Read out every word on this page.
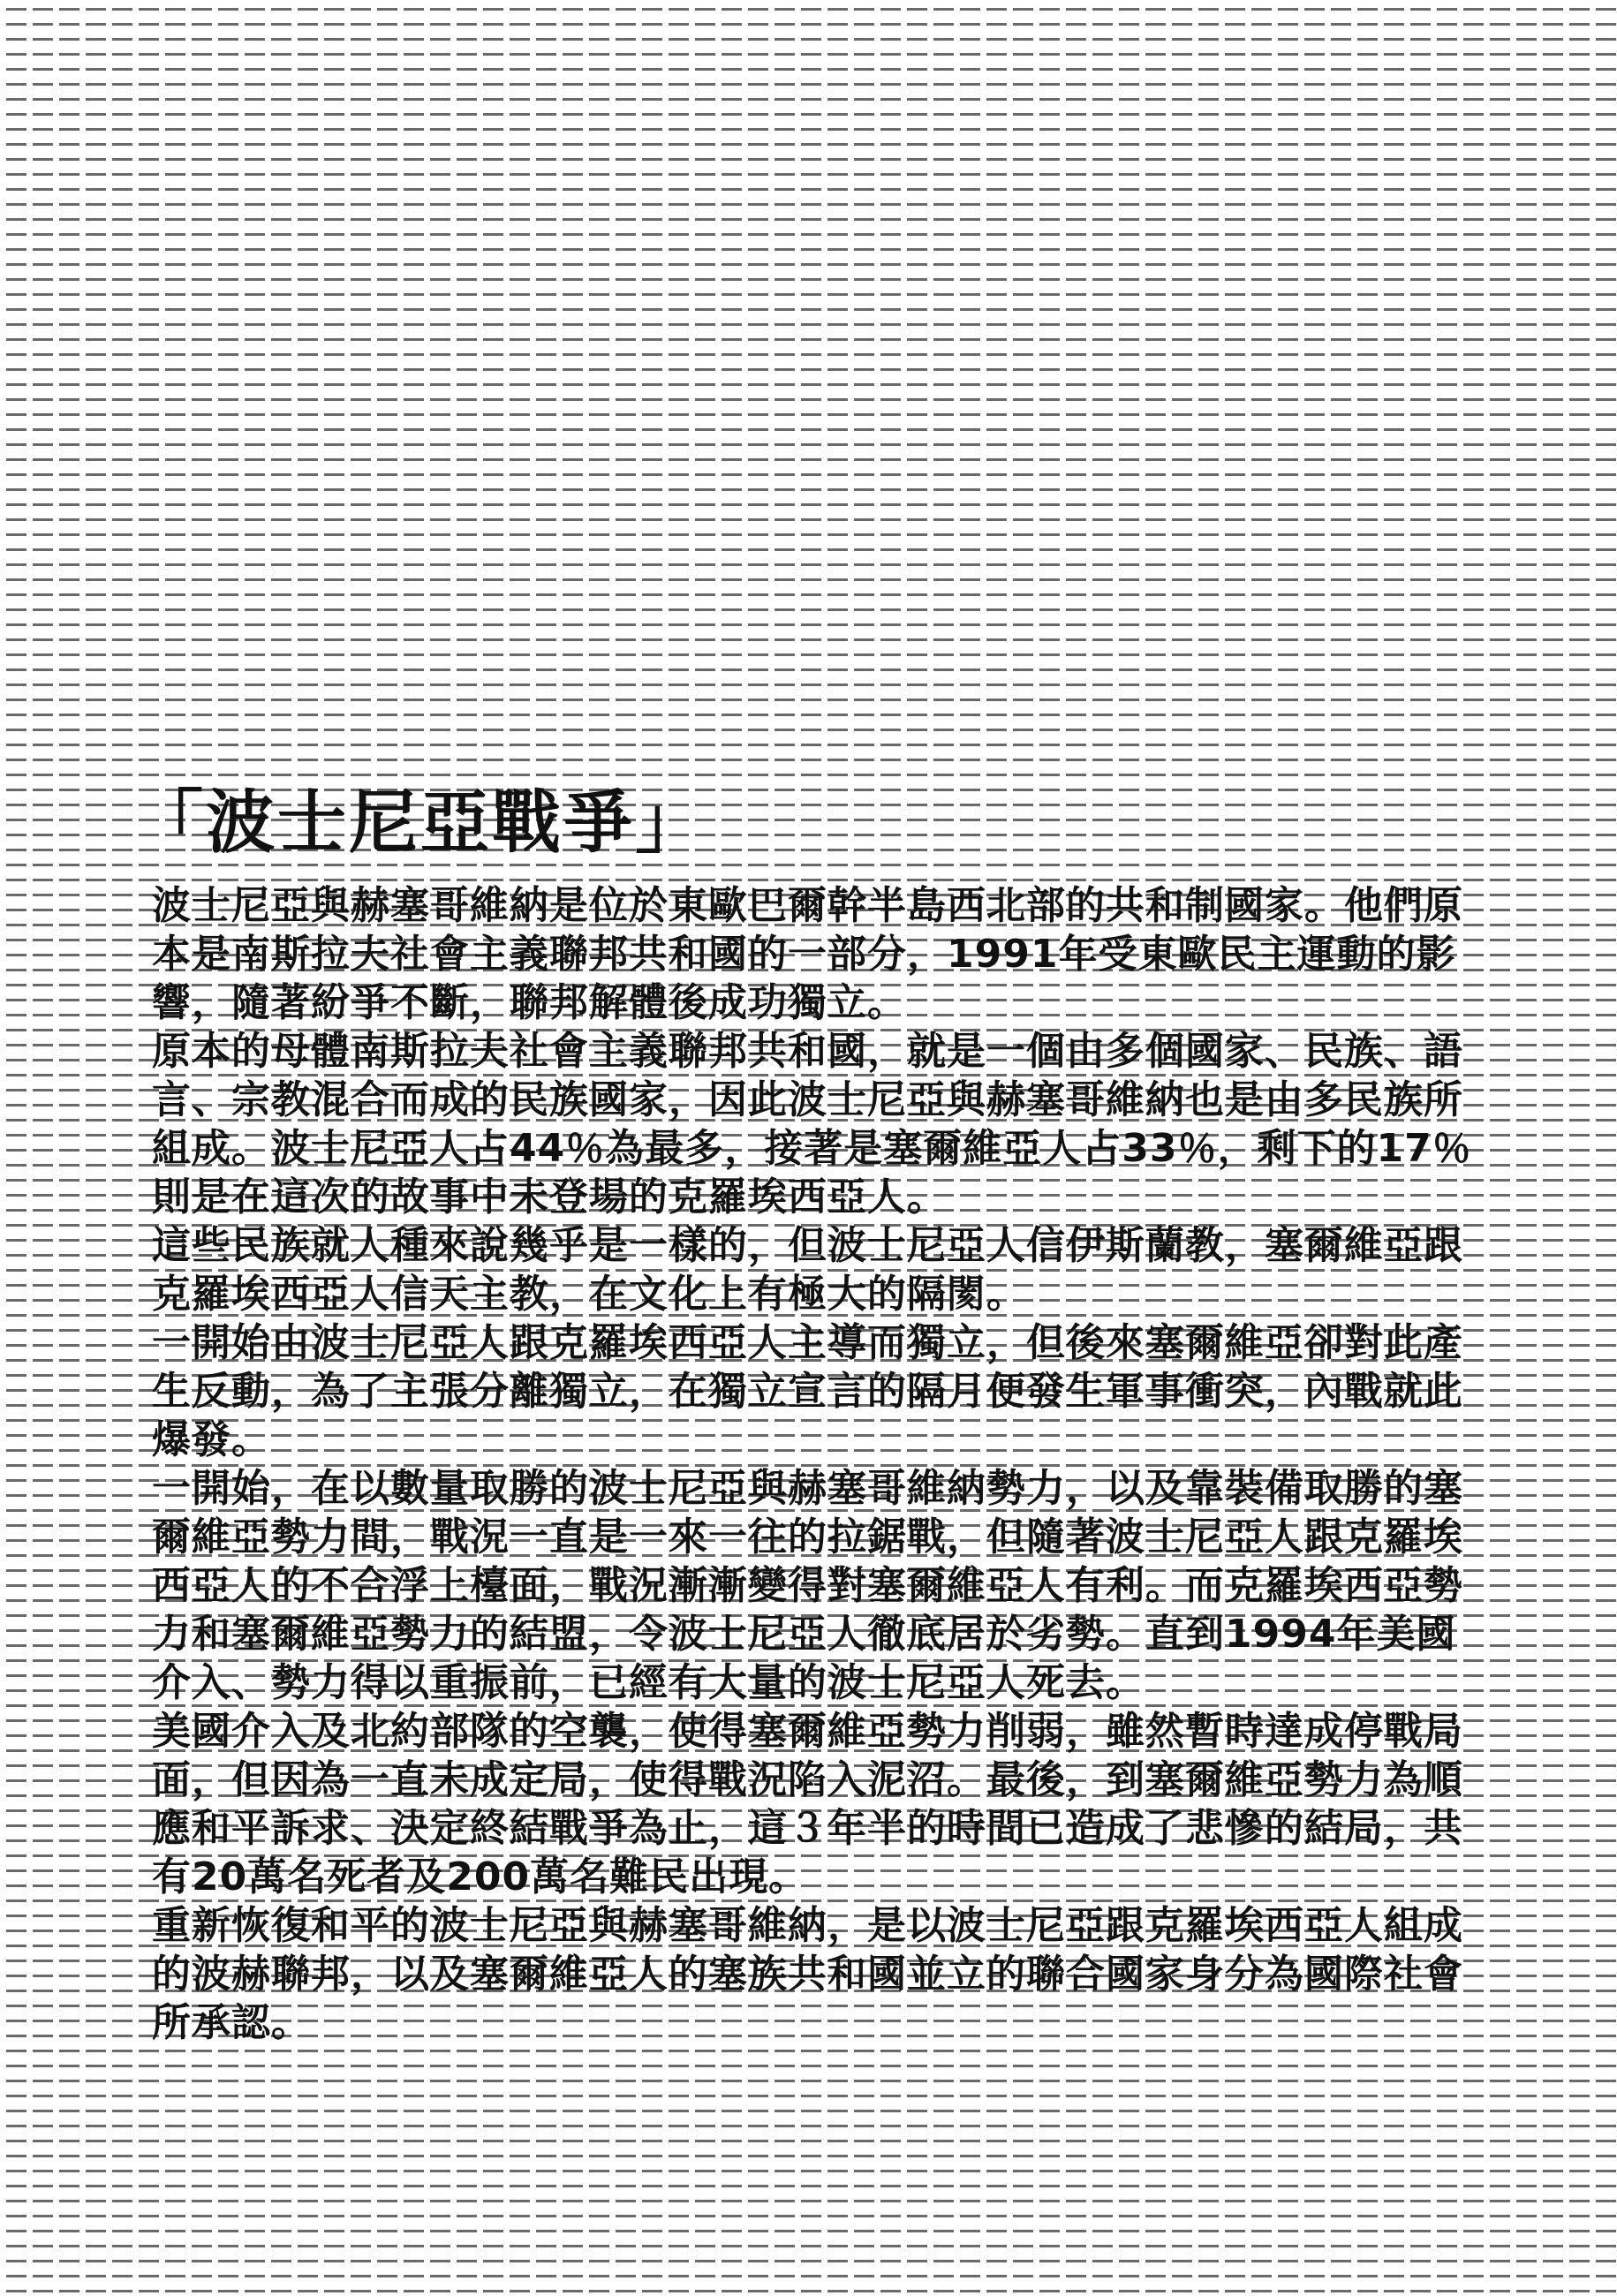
「波士尼亞戰爭」

波士尼亞與赫塞哥維納是位於東歐巴爾幹半島西北部的共和制國家。他們原本是南斯拉夫社會主義聯邦共和國的一部分，1991年受東歐民主運動的影響，隨著紛爭不斷，聯邦解體後成功獨立。

原本的母體南斯拉夫社會主義聯邦共和國，就是一個由多個國家、民族、語言、宗教混合而成的民族國家，因此波士尼亞與赫塞哥維納也是由多民族所組成。波士尼亞人占44％為最多，接著是塞爾維亞人占33％，剩下的17％則是在這次的故事中未登場的克羅埃西亞人。

這些民族就人種來說幾乎是一樣的，但波士尼亞人信伊斯蘭教，塞爾維亞跟克羅埃西亞人信天主教，在文化上有極大的隔閡。

一開始由波士尼亞人跟克羅埃西亞人主導而獨立，但後來塞爾維亞卻對此產生反動，為了主張分離獨立，在獨立宣言的隔月便發生軍事衝突，內戰就此爆發。

一開始，在以數量取勝的波士尼亞與赫塞哥維納勢力，以及靠裝備取勝的塞爾維亞勢力間，戰況一直是一來一往的拉鋸戰，但隨著波士尼亞人跟克羅埃西亞人的不合浮上檯面，戰況漸漸變得對塞爾維亞人有利。而克羅埃西亞勢力和塞爾維亞勢力的結盟，令波士尼亞人徹底居於劣勢。直到1994年美國介入、勢力得以重振前，已經有大量的波士尼亞人死去。

美國介入及北約部隊的空襲，使得塞爾維亞勢力削弱，雖然暫時達成停戰局面，但因為一直未成定局，使得戰況陷入泥沼。最後，到塞爾維亞勢力為順應和平訴求、決定終結戰爭為止，這３年半的時間已造成了悲慘的結局，共有20萬名死者及200萬名難民出現。

重新恢復和平的波士尼亞與赫塞哥維納，是以波士尼亞跟克羅埃西亞人組成的波赫聯邦，以及塞爾維亞人的塞族共和國並立的聯合國家身分為國際社會所承認。
